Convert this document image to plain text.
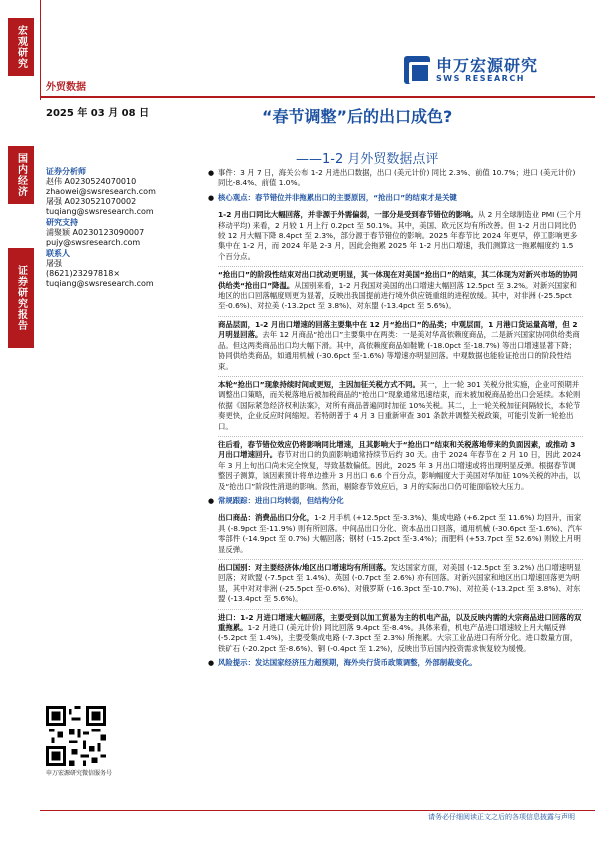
宏观研究
国内经济
证券研究报告
申万宏源研究
SWS RESEARCH
外贸数据
2025 年 03 月 08 日	“春节调整”后的出口成色?
——1-2 月外贸数据点评
证券分析师
赵伟 A0230524070010
zhaowei@swsresearch.com
屠强 A0230521070002
tuqiang@swsresearch.com
研究支持
浦聚颖 A0230123090007
pujy@swsresearch.com
联系人
屠强
(8621)23297818×
tuqiang@swsresearch.com
申万宏源研究微信服务号
● 事件：3 月 7 日，海关公布 1-2 月进出口数据，出口 (美元计价) 同比 2.3%、前值 10.7%；进口 (美元计价) 同比-8.4%、前值 1.0%。
● 核心观点：春节错位并非拖累出口的主要原因，“抢出口”的结束才是关键
1-2 月出口同比大幅回落，并非源于外需偏弱，一部分是受到春节错位的影响。从 2 月全球制造业 PMI (三个月移动平均) 来看，2 月较 1 月上行 0.2pct 至 50.1%。其中，美国、欧元区均有所改善。但 1-2 月出口同比仍较 12 月大幅下降 8.4pct 至 2.3%，部分源于春节错位的影响。2025 年春节比 2024 年更早，停工影响更多集中在 1-2 月，而 2024 年是 2-3 月，因此会拖累 2025 年 1-2 月出口增速，我们测算这一拖累幅度约 1.5 个百分点。
“抢出口”的阶段性结束对出口扰动更明显，其一体现在对美国“抢出口”的结束，其二体现为对新兴市场的协同供给类“抢出口”降温。从国别来看，1-2 月我国对美国的出口增速大幅回落 12.5pct 至 3.2%。对新兴国家和地区的出口回落幅度则更为显著，反映出我国提前进行境外供应链重组的进程放缓。其中，对非洲 (-25.5pct 至-0.6%)、对拉美 (-13.2pct 至 3.8%)、对东盟 (-13.4pct 至 5.6%)。
商品层面，1-2 月出口增速的回落主要集中在 12 月“抢出口”的品类；中观层面，1 月港口货运量高增，但 2 月明显回落。去年 12 月商品“抢出口”主要集中在两类：一是美对华高依赖度商品，二是新兴国家协同供给类商品。但这两类商品出口均大幅下滑。其中，高依赖度商品如鞋靴 (-18.0pct 至-18.7%) 等出口增速显著下降；协同供给类商品，如通用机械 (-30.6pct 至-1.6%) 等增速亦明显回落。中观数据也能验证抢出口的阶段性结束。
本轮“抢出口”现象持续时间或更短，主因加征关税方式不同。其一，上一轮 301 关税分批实施，企业可预期并调整出口策略，而关税落地后被加税商品的“抢出口”现象通常迅速结束，而未被加税商品抢出口会延续。本轮则依据《国际紧急经济权利法案》，对所有商品普遍同时加征 10%关税。其二，上一轮关税加征间隔较长，本轮节奏更快，企业反应时间缩短。若特朗普于 4 月 3 日重新审查 301 条款并调整关税政策，可能引发新一轮抢出口。
往后看，春节错位效应仍将影响同比增速，且其影响大于“抢出口”结束和关税落地带来的负面因素，或推动 3 月出口增速回升。春节对出口的负面影响通常持续节后约 30 天。由于 2024 年春节在 2 月 10 日，因此 2024 年 3 月上旬出口尚未完全恢复，导致基数偏低。因此，2025 年 3 月出口增速或将出现明显反弹。根据春节调整因子测算，该因素预计将单边推升 3 月出口 6.6 个百分点，影响幅度大于美国对华加征 10%关税的冲击，以及“抢出口”阶段性消退的影响。然而，剔除春节效应后，3 月的实际出口仍可能面临较大压力。
● 常规跟踪：进出口均转弱，但结构分化
出口商品：消费品出口分化，1-2 月手机 (+12.5pct 至-3.3%)、集成电路 (+6.2pct 至 11.6%) 均回升，而家具 (-8.9pct 至-11.9%) 则有所回落。中间品出口分化、资本品出口回落，通用机械 (-30.6pct 至-1.6%)、汽车零部件 (-14.9pct 至 0.7%) 大幅回落；钢材 (-15.2pct 至-3.4%)；而肥料 (+53.7pct 至 52.6%) 则较上月明显反弹。
出口国别：对主要经济体/地区出口增速均有所回落。发达国家方面，对美国 (-12.5pct 至 3.2%) 出口增速明显回落；对欧盟 (-7.5pct 至 1.4%)、英国 (-0.7pct 至 2.6%) 亦有回落。对新兴国家和地区出口增速回落更为明显，其中对对非洲 (-25.5pct 至-0.6%)、对俄罗斯 (-16.3pct 至-10.7%)、对拉美 (-13.2pct 至 3.8%)、对东盟 (-13.4pct 至 5.6%)。
进口：1-2 月进口增速大幅回落，主要受到以加工贸易为主的机电产品，以及反映内需的大宗商品进口回落的双重拖累。1-2 月进口 (美元计价) 同比回落 9.4pct 至-8.4%。具体来看，机电产品进口增速较上月大幅反弹 (-5.2pct 至 1.4%)，主要受集成电路 (-7.3pct 至 2.3%) 所拖累。大宗工业品进口有所分化。进口数量方面，铁矿石 (-20.2pct 至-8.6%)、铜 (-0.4pct 至 1.2%)，反映出节后国内投资需求恢复较为缓慢。
● 风险提示：发达国家经济压力超预期，海外央行货币政策调整，外部制裁变化。
请务必仔细阅读正文之后的各项信息披露与声明
